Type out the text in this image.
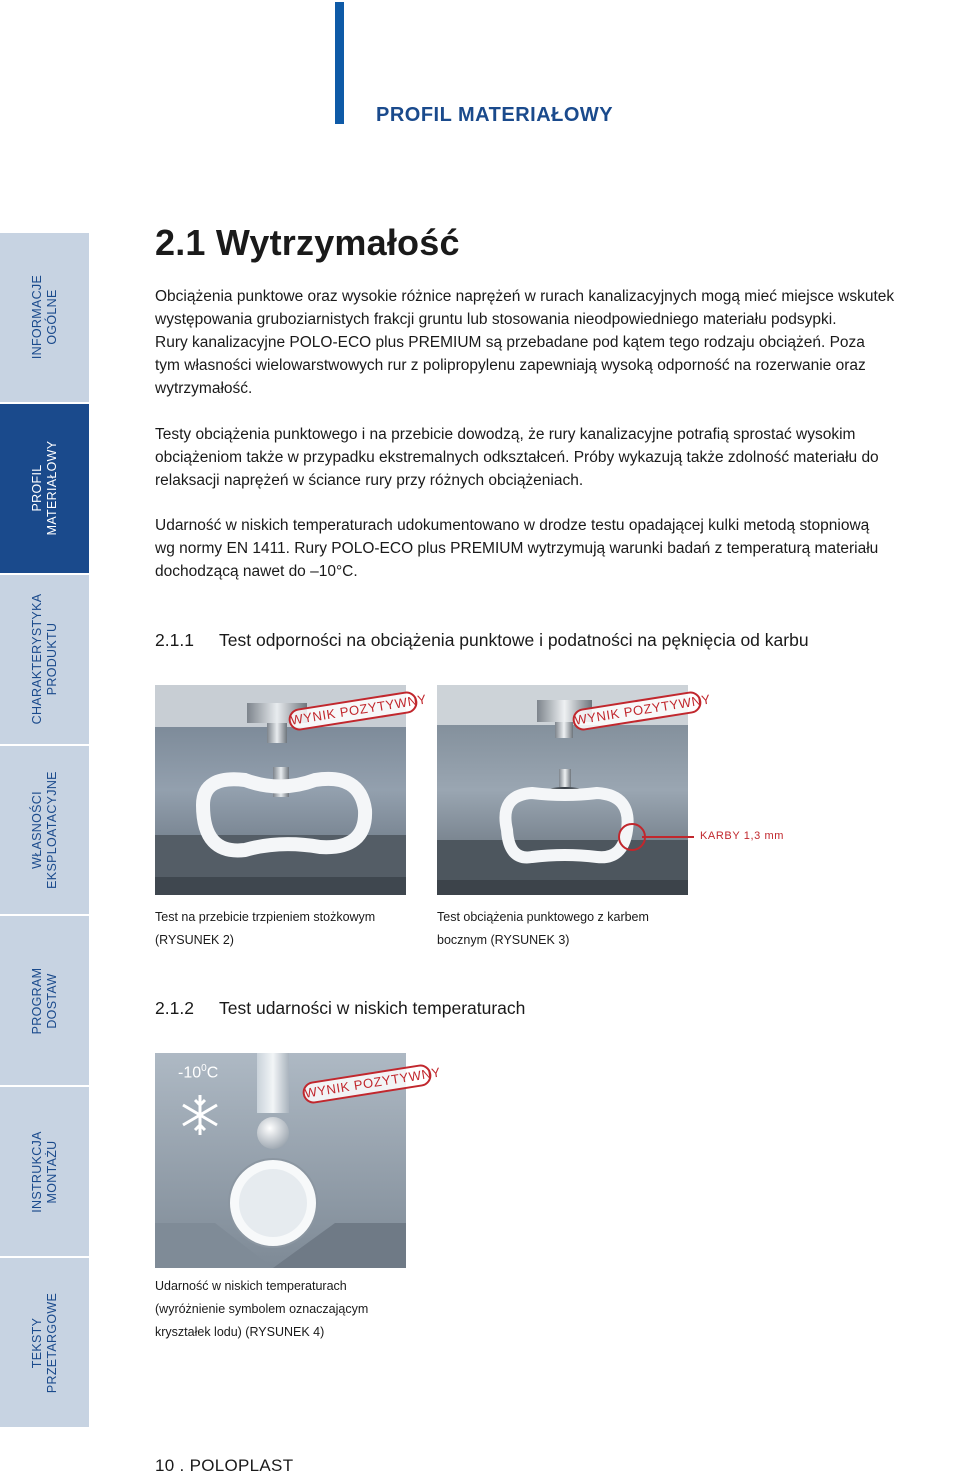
PROFIL MATERIAŁOWY
INFORMACJE
OGÓLNE
PROFIL
MATERIAŁOWY
CHARAKTERYSTYKA
PRODUKTU
WŁASNOŚCI
EKSPLOATACYJNE
PROGRAM
DOSTAW
INSTRUKCJA
MONTAŻU
TEKSTY
PRZETARGOWE
2.1 Wytrzymałość
Obciążenia punktowe oraz wysokie różnice naprężeń w rurach kanalizacyjnych mogą mieć miejsce wskutek
występowania gruboziarnistych frakcji gruntu lub stosowania nieodpowiedniego materiału podsypki.
Rury kanalizacyjne POLO-ECO plus PREMIUM są przebadane pod kątem tego rodzaju obciążeń. Poza
tym własności wielowarstwowych rur z polipropylenu zapewniają wysoką odporność na rozerwanie oraz
wytrzymałość.
Testy obciążenia punktowego i na przebicie dowodzą, że rury kanalizacyjne potrafią sprostać wysokim
obciążeniom także w przypadku ekstremalnych odkształceń. Próby wykazują także zdolność materiału do
relaksacji naprężeń w ściance rury przy różnych obciążeniach.
Udarność w niskich temperaturach udokumentowano w drodze testu opadającej kulki metodą stopniową
wg normy EN 1411. Rury POLO-ECO plus PREMIUM wytrzymują warunki badań z temperaturą materiału
dochodzącą nawet do –10°C.
2.1.1 Test odporności na obciążenia punktowe i podatności na pęknięcia od karbu
WYNIK POZYTYWNY
Test na przebicie trzpieniem stożkowym
(RYSUNEK 2)
WYNIK POZYTYWNY
KARBY 1,3 mm
Test obciążenia punktowego z karbem
bocznym (RYSUNEK 3)
2.1.2 Test udarności w niskich temperaturach
$-10^0C$	WYNIK POZYTYWNY
Udarność w niskich temperaturach
(wyróżnienie symbolem oznaczającym
kryształek lodu) (RYSUNEK 4)
10 . POLOPLAST
